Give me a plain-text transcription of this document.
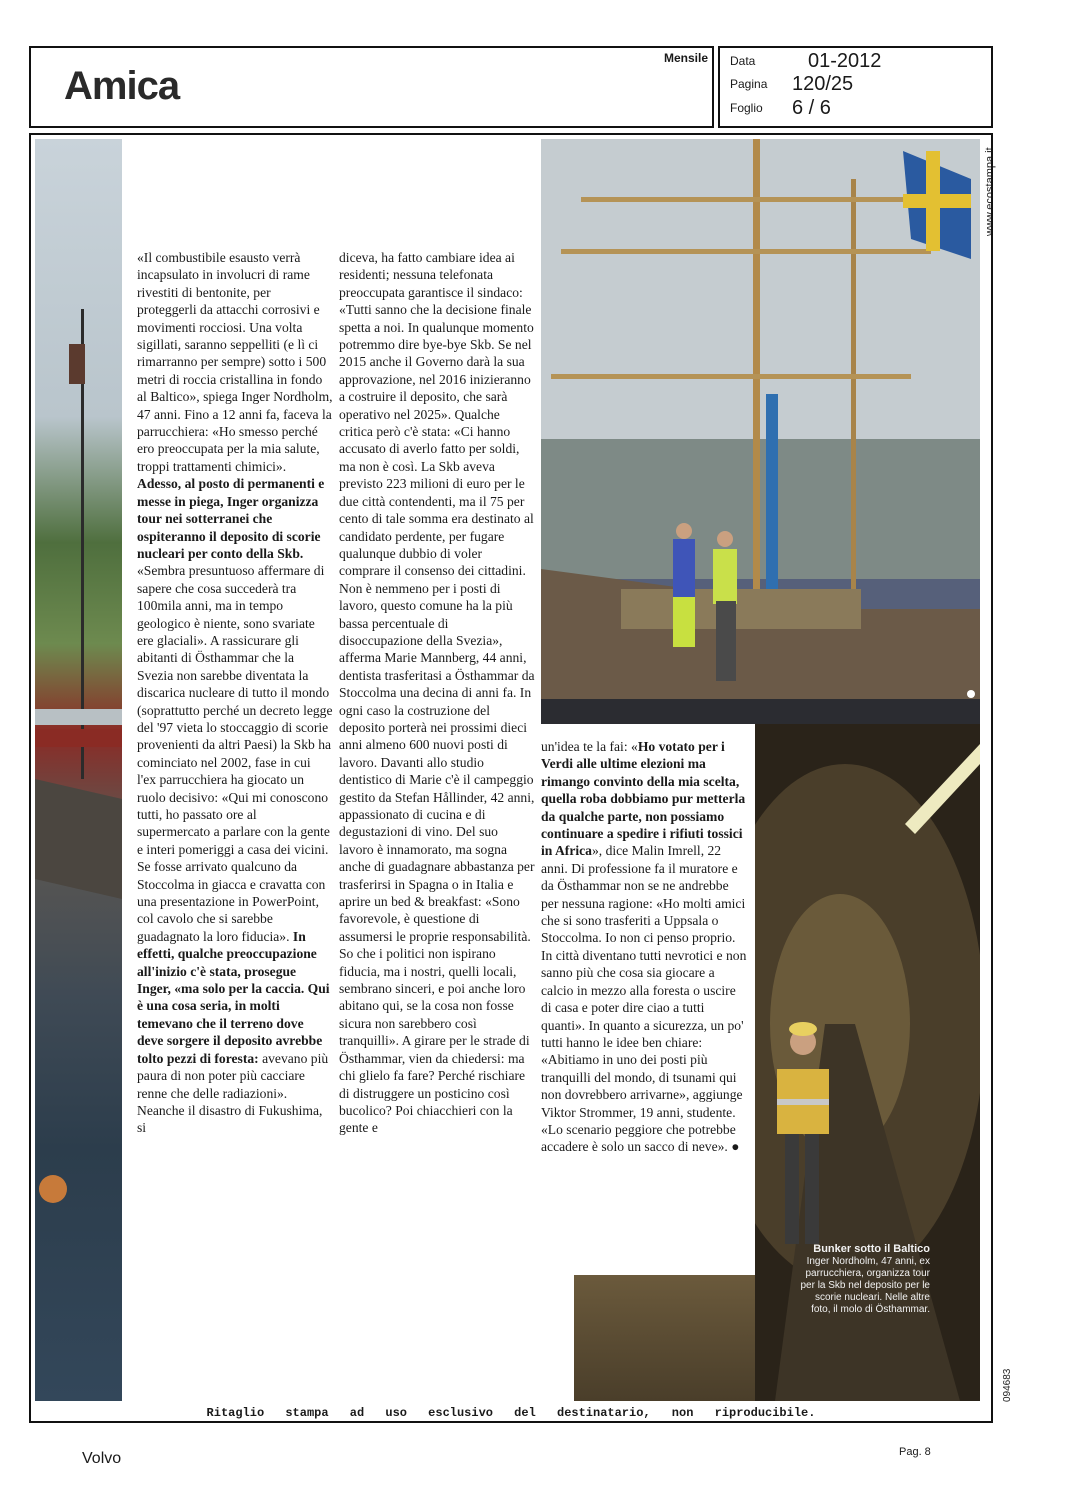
Amica
Mensile Data	01-2012
Pagina 120/25
Foglio 6 / 6
www.ecostampa.it
094683

«Il combustibile esausto verrà incapsulato in involucri di rame rivestiti di bentonite, per proteggerli da attacchi corrosivi e movimenti rocciosi. Una volta sigillati, saranno seppelliti (e lì ci rimarranno per sempre) sotto i 500 metri di roccia cristallina in fondo al Baltico», spiega Inger Nordholm, 47 anni. Fino a 12 anni fa, faceva la parrucchiera: «Ho smesso perché ero preoccupata per la mia salute, troppi trattamenti chimici». Adesso, al posto di permanenti e messe in piega, Inger organizza tour nei sotterranei che ospiteranno il deposito di scorie nucleari per conto della Skb. «Sembra presuntuoso affermare di sapere che cosa succederà tra 100mila anni, ma in tempo geologico è niente, sono svariate ere glaciali». A rassicurare gli abitanti di Östhammar che la Svezia non sarebbe diventata la discarica nucleare di tutto il mondo (soprattutto perché un decreto legge del '97 vieta lo stoccaggio di scorie provenienti da altri Paesi) la Skb ha cominciato nel 2002, fase in cui l'ex parrucchiera ha giocato un ruolo decisivo: «Qui mi conoscono tutti, ho passato ore al supermercato a parlare con la gente e interi pomeriggi a casa dei vicini. Se fosse arrivato qualcuno da Stoccolma in giacca e cravatta con una presentazione in PowerPoint, col cavolo che si sarebbe guadagnato la loro fiducia». In effetti, qualche preoccupazione all'inizio c'è stata, prosegue Inger, «ma solo per la caccia. Qui è una cosa seria, in molti temevano che il terreno dove deve sorgere il deposito avrebbe tolto pezzi di foresta: avevano più paura di non poter più cacciare renne che delle radiazioni». Neanche il disastro di Fukushima, si

diceva, ha fatto cambiare idea ai residenti; nessuna telefonata preoccupata garantisce il sindaco: «Tutti sanno che la decisione finale spetta a noi. In qualunque momento potremmo dire bye-bye Skb. Se nel 2015 anche il Governo darà la sua approvazione, nel 2016 inizieranno a costruire il deposito, che sarà operativo nel 2025». Qualche critica però c'è stata: «Ci hanno accusato di averlo fatto per soldi, ma non è così. La Skb aveva previsto 223 milioni di euro per le due città contendenti, ma il 75 per cento di tale somma era destinato al candidato perdente, per fugare qualunque dubbio di voler comprare il consenso dei cittadini. Non è nemmeno per i posti di lavoro, questo comune ha la più bassa percentuale di disoccupazione della Svezia», afferma Marie Mannberg, 44 anni, dentista trasferitasi a Östhammar da Stoccolma una decina di anni fa. In ogni caso la costruzione del deposito porterà nei prossimi dieci anni almeno 600 nuovi posti di lavoro. Davanti allo studio dentistico di Marie c'è il campeggio gestito da Stefan Hållinder, 42 anni, appassionato di cucina e di degustazioni di vino. Del suo lavoro è innamorato, ma sogna anche di guadagnare abbastanza per trasferirsi in Spagna o in Italia e aprire un bed & breakfast: «Sono favorevole, è questione di assumersi le proprie responsabilità. So che i politici non ispirano fiducia, ma i nostri, quelli locali, sembrano sinceri, e poi anche loro abitano qui, se la cosa non fosse sicura non sarebbero così tranquilli». A girare per le strade di Östhammar, vien da chiedersi: ma chi glielo fa fare? Perché rischiare di distruggere un posticino così bucolico? Poi chiacchieri con la gente e

un'idea te la fai: «Ho votato per i Verdi alle ultime elezioni ma rimango convinto della mia scelta, quella roba dobbiamo pur metterla da qualche parte, non possiamo continuare a spedire i rifiuti tossici in Africa», dice Malin Imrell, 22 anni. Di professione fa il muratore e da Östhammar non se ne andrebbe per nessuna ragione: «Ho molti amici che si sono trasferiti a Uppsala o Stoccolma. Io non ci penso proprio. In città diventano tutti nevrotici e non sanno più che cosa sia giocare a calcio in mezzo alla foresta o uscire di casa e poter dire ciao a tutti quanti». In quanto a sicurezza, un po' tutti hanno le idee ben chiare: «Abitiamo in uno dei posti più tranquilli del mondo, di tsunami qui non dovrebbero arrivarne», aggiunge Viktor Strommer, 19 anni, studente. «Lo scenario peggiore che potrebbe accadere è solo un sacco di neve». ●

Bunker sotto il Baltico
Inger Nordholm, 47 anni, ex parrucchiera, organizza tour per la Skb nel deposito per le scorie nucleari. Nelle altre foto, il molo di Östhammar.
Ritaglio stampa ad uso esclusivo del destinatario, non riproducibile.
Volvo	Pag. 8
